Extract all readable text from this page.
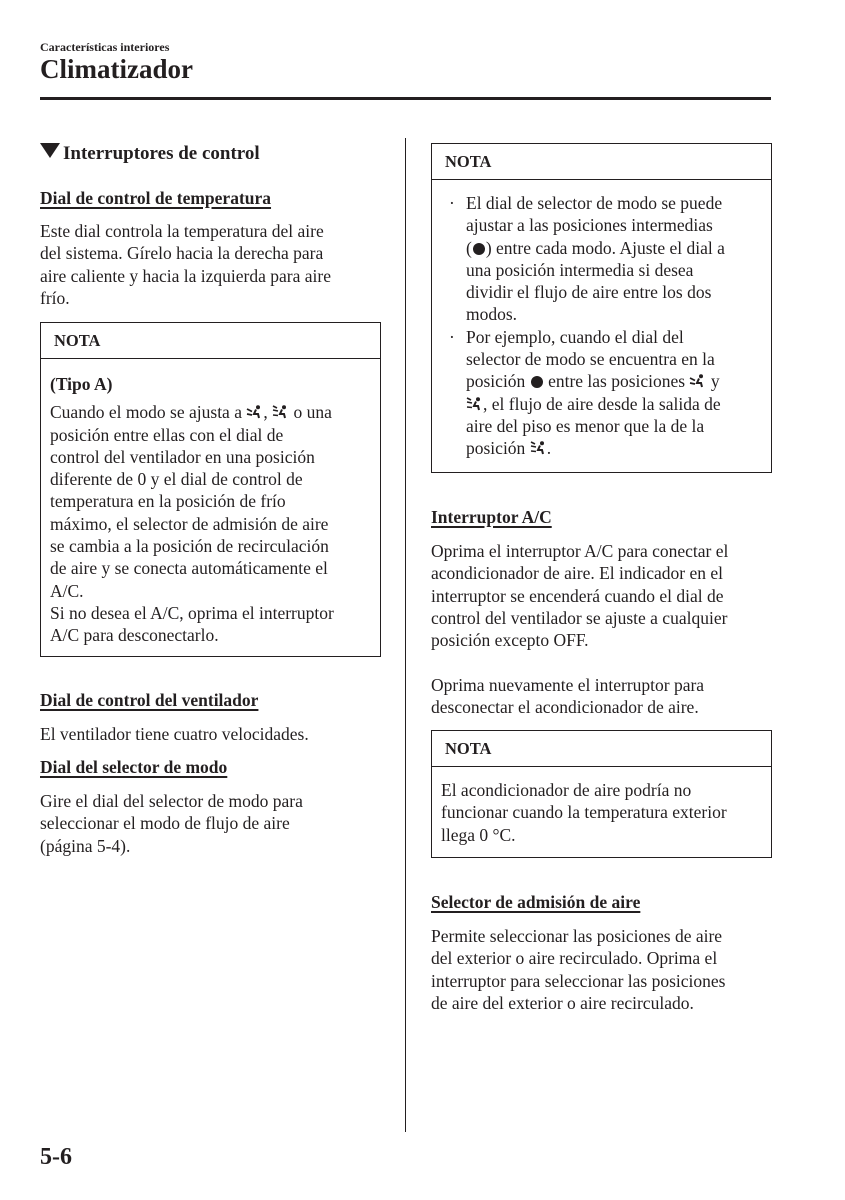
Características interiores
Climatizador
Interruptores de control
Dial de control de temperatura
Este dial controla la temperatura del aire
del sistema. Gírelo hacia la derecha para
aire caliente y hacia la izquierda para aire
frío.
NOTA
(Tipo A)
Cuando el modo se ajusta a
,
o una
posición entre ellas con el dial de
control del ventilador en una posición
diferente de 0 y el dial de control de
temperatura en la posición de frío
máximo, el selector de admisión de aire
se cambia a la posición de recirculación
de aire y se conecta automáticamente el
A/C.
Si no desea el A/C, oprima el interruptor
A/C para desconectarlo.
Dial de control del ventilador
El ventilador tiene cuatro velocidades.
Dial del selector de modo
Gire el dial del selector de modo para
seleccionar el modo de flujo de aire
(página 5-4).
NOTA
· El dial de selector de modo se puede
ajustar a las posiciones intermedias
( ) entre cada modo. Ajuste el dial a
una posición intermedia si desea
dividir el flujo de aire entre los dos
modos.
· Por ejemplo, cuando el dial del
selector de modo se encuentra en la
posición  entre las posiciones
y
, el flujo de aire desde la salida de
aire del piso es menor que la de la
posición
.
Interruptor A/C
Oprima el interruptor A/C para conectar el
acondicionador de aire. El indicador en el
interruptor se encenderá cuando el dial de
control del ventilador se ajuste a cualquier
posición excepto OFF.
Oprima nuevamente el interruptor para
desconectar el acondicionador de aire.
NOTA
El acondicionador de aire podría no
funcionar cuando la temperatura exterior
llega 0 °C.
Selector de admisión de aire
Permite seleccionar las posiciones de aire
del exterior o aire recirculado. Oprima el
interruptor para seleccionar las posiciones
de aire del exterior o aire recirculado.
5-6
